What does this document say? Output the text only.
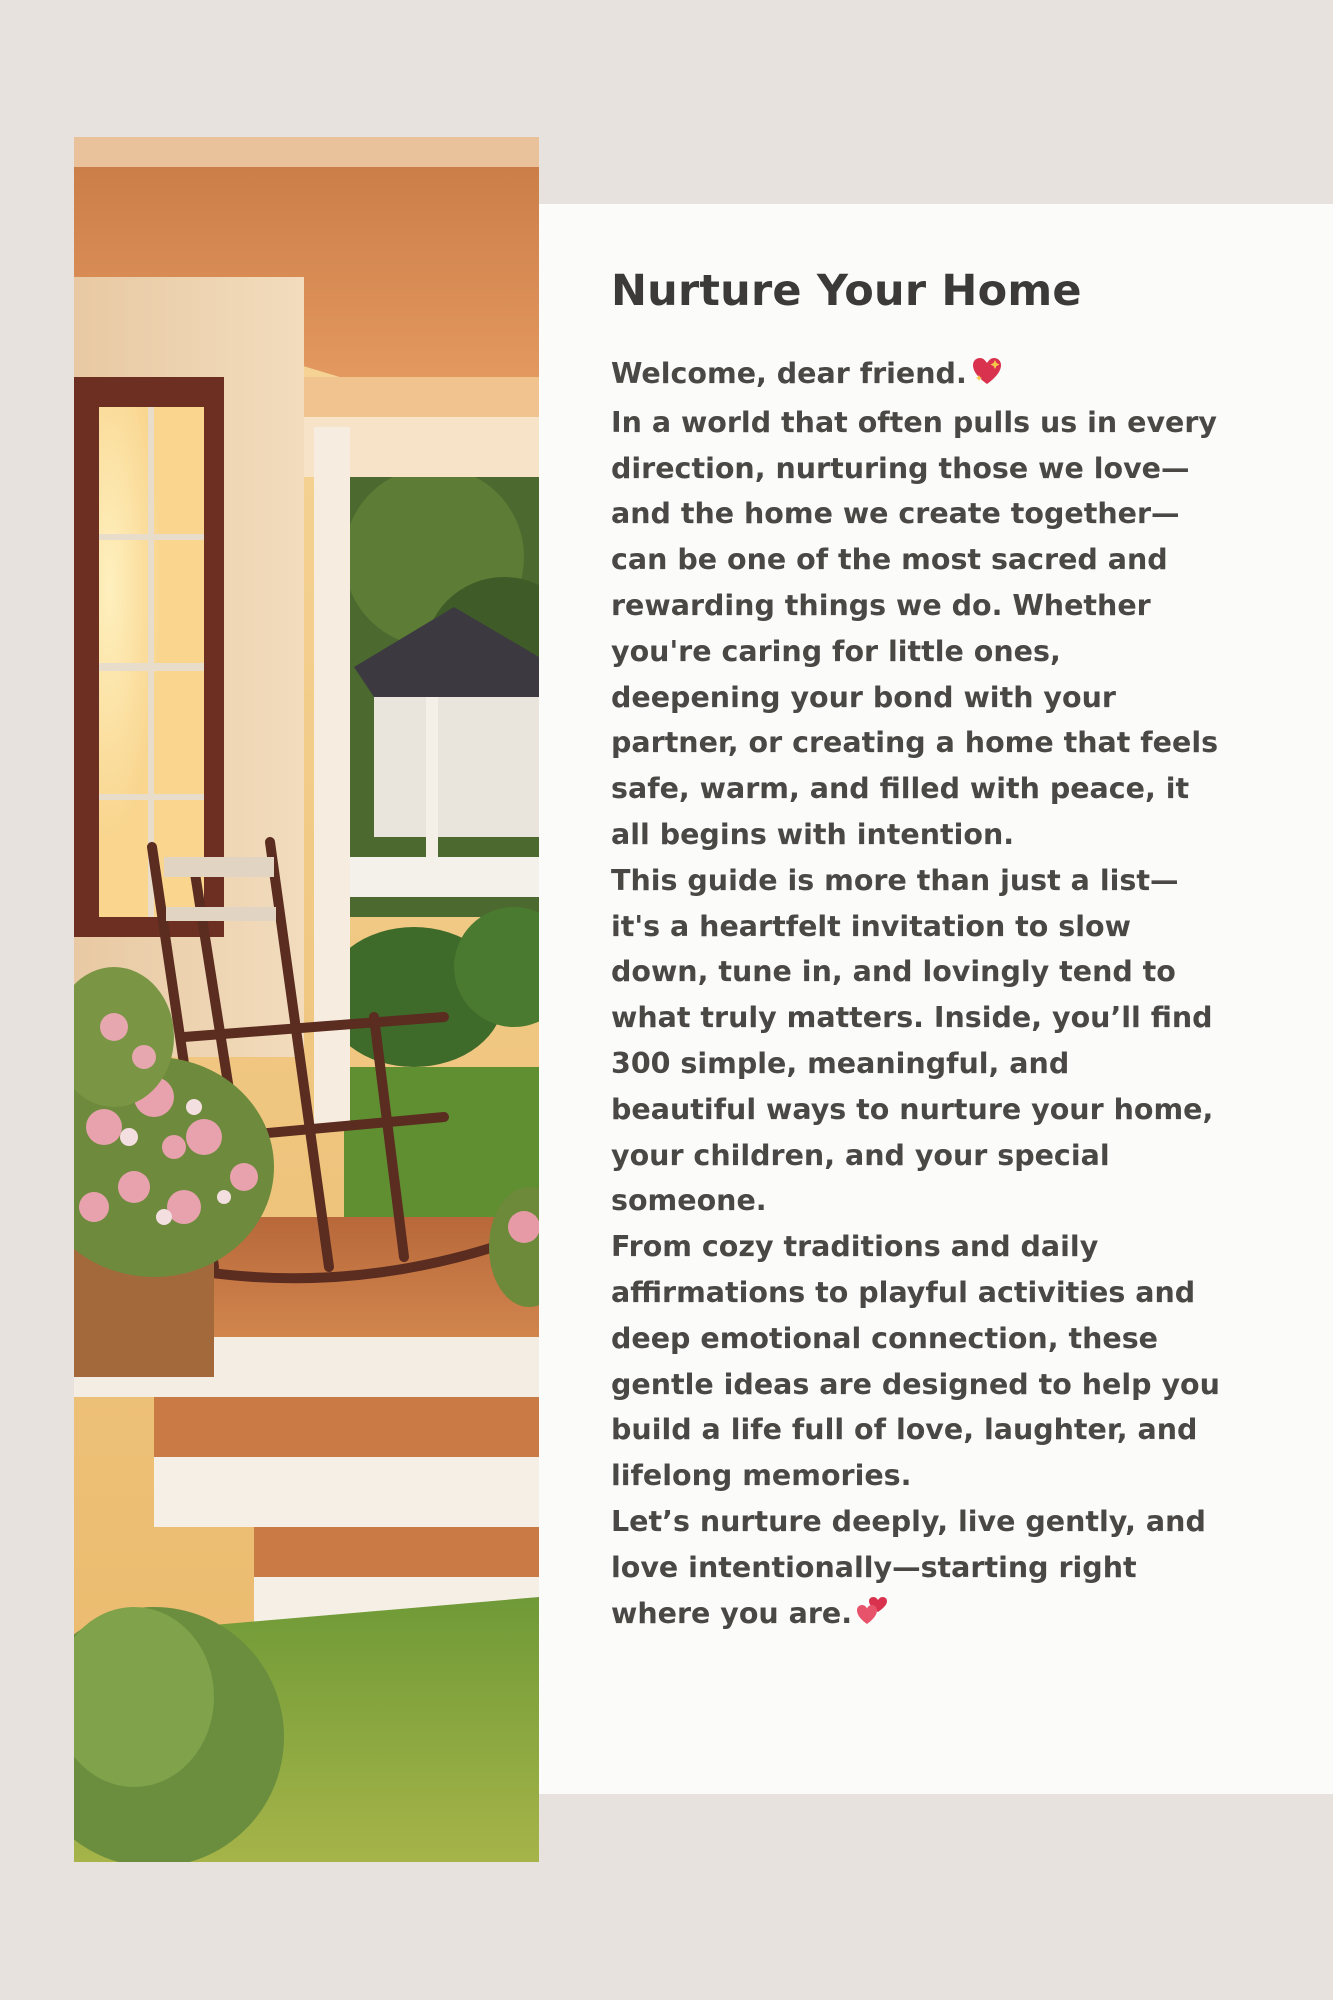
Nurture Your Home

Welcome, dear friend.

In a world that often pulls us in every direction, nurturing those we love—and the home we create together—can be one of the most sacred and rewarding things we do. Whether you're caring for little ones, deepening your bond with your partner, or creating a home that feels safe, warm, and filled with peace, it all begins with intention.

This guide is more than just a list—it's a heartfelt invitation to slow down, tune in, and lovingly tend to what truly matters. Inside, you’ll find 300 simple, meaningful, and beautiful ways to nurture your home, your children, and your special someone.

From cozy traditions and daily affirmations to playful activities and deep emotional connection, these gentle ideas are designed to help you build a life full of love, laughter, and lifelong memories.

Let’s nurture deeply, live gently, and love intentionally—starting right where you are.
